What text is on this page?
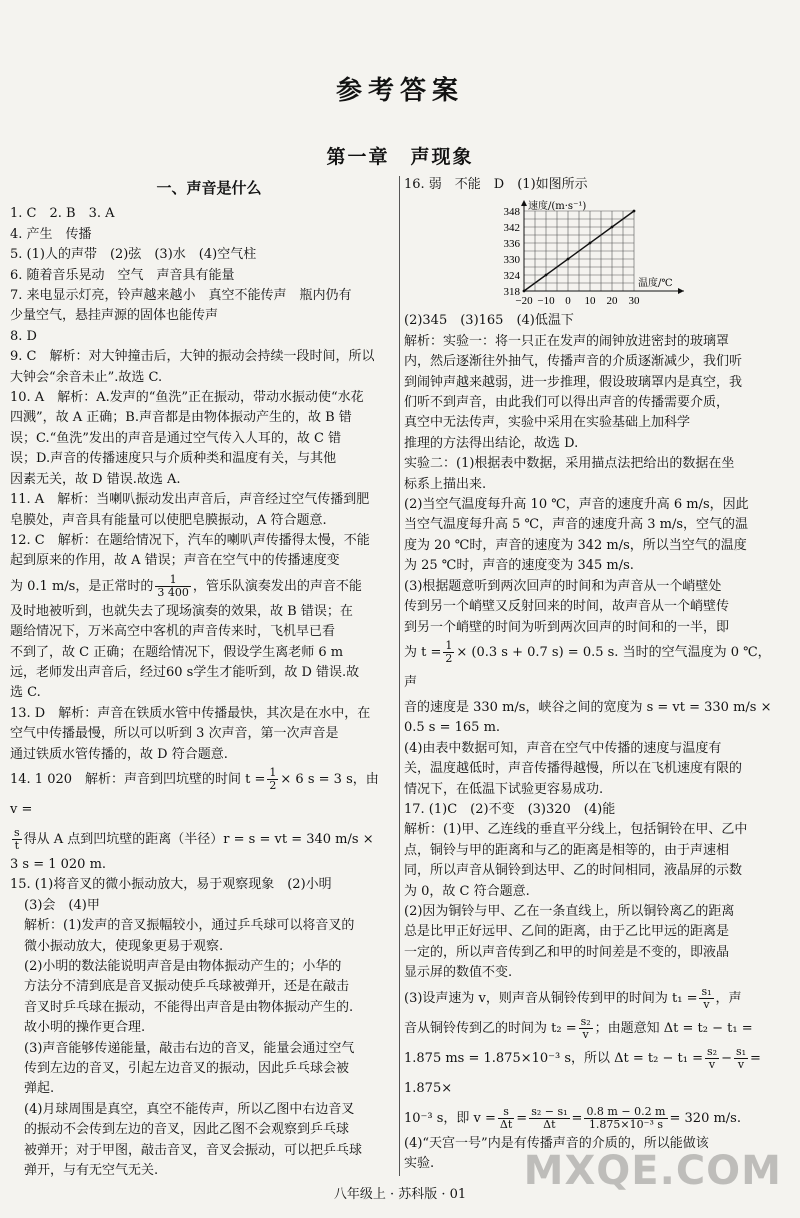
参考答案
第一章　声现象
一、声音是什么

1. C　2. B　3. A

4. 产生　传播

5. (1)人的声带　(2)弦　(3)水　(4)空气柱

6. 随着音乐晃动　空气　声音具有能量

7. 来电显示灯亮，铃声越来越小　真空不能传声　瓶内仍有

少量空气，悬挂声源的固体也能传声

8. D

9. C　解析：对大钟撞击后，大钟的振动会持续一段时间，所以

大钟会“余音未止”.故选 C.

10. A　解析：A.发声的“鱼洗”正在振动，带动水振动使“水花

四溅”，故 A 正确；B.声音都是由物体振动产生的，故 B 错

误；C.“鱼洗”发出的声音是通过空气传入人耳的，故 C 错

误；D.声音的传播速度只与介质种类和温度有关，与其他

因素无关，故 D 错误.故选 A.

11. A　解析：当喇叭振动发出声音后，声音经过空气传播到肥

皂膜处，声音具有能量可以使肥皂膜振动，A 符合题意.

12. C　解析：在题给情况下，汽车的喇叭声传播得太慢，不能

起到原来的作用，故 A 错误；声音在空气中的传播速度变

为 0.1 m/s，是正常时的 $\frac{1}{3 400}$ ，管乐队演奏发出的声音不能

及时地被听到，也就失去了现场演奏的效果，故 B 错误；在

题给情况下，万米高空中客机的声音传来时，飞机早已看

不到了，故 C 正确；在题给情况下，假设学生离老师 6 m

远，老师发出声音后，经过60 s学生才能听到，故 D 错误.故

选 C.

13. D　解析：声音在铁质水管中传播最快，其次是在水中，在

空气中传播最慢，所以可以听到 3 次声音，第一次声音是

通过铁质水管传播的，故 D 符合题意.

14. 1 020　解析：声音到凹坑壁的时间 $t = \frac{1}{2} \times 6$ s = 3 s，由 v =

$\frac{s}{t}$ 得从 A 点到凹坑壁的距离（半径）r = s = vt = 340 m/s ×

3 s = 1 020 m.

15. (1)将音叉的微小振动放大，易于观察现象　(2)小明

(3)会　(4)甲

解析：(1)发声的音叉振幅较小，通过乒乓球可以将音叉的

微小振动放大，使现象更易于观察.

(2)小明的数法能说明声音是由物体振动产生的；小华的

方法分不清到底是音叉振动使乒乓球被弹开，还是在敲击

音叉时乒乓球在振动，不能得出声音是由物体振动产生的.

故小明的操作更合理.

(3)声音能够传递能量，敲击右边的音叉，能量会通过空气

传到左边的音叉，引起左边音叉的振动，因此乒乓球会被

弹起.

(4)月球周围是真空，真空不能传声，所以乙图中右边音叉

的振动不会传到左边的音叉，因此乙图不会观察到乒乓球

被弹开；对于甲图，敲击音叉，音叉会振动，可以把乒乓球

弹开，与有无空气无关.

16. 弱　不能　D　(1)如图所示

318
324
330
336
342
348
−20 −10 0 10 20 30
速度/(m·s⁻¹)
温度/℃

(2)345　(3)165　(4)低温下

解析：实验一：将一只正在发声的闹钟放进密封的玻璃罩

内，然后逐渐往外抽气，传播声音的介质逐渐减少，我们听

到闹钟声越来越弱，进一步推理，假设玻璃罩内是真空，我

们听不到声音，由此我们可以得出声音的传播需要介质，

真空中无法传声，实验中采用在实验基础上加科学

推理的方法得出结论，故选 D.

实验二：(1)根据表中数据，采用描点法把给出的数据在坐

标系上描出来.

(2)当空气温度每升高 10 ℃，声音的速度升高 6 m/s，因此

当空气温度每升高 5 ℃，声音的速度升高 3 m/s，空气的温

度为 20 ℃时，声音的速度为 342 m/s，所以当空气的温度

为 25 ℃时，声音的速度变为 345 m/s.

(3)根据题意听到两次回声的时间和为声音从一个峭壁处

传到另一个峭壁又反射回来的时间，故声音从一个峭壁传

到另一个峭壁的时间为听到两次回声的时间和的一半，即

为 $t = \frac{1}{2} \times (0.3$ s + 0.7 s) = 0.5 s. 当时的空气温度为 0 ℃，声

音的速度是 330 m/s，峡谷之间的宽度为 s = vt = 330 m/s ×

0.5 s = 165 m.

(4)由表中数据可知，声音在空气中传播的速度与温度有

关，温度越低时，声音传播得越慢，所以在飞机速度有限的

情况下，在低温下试验更容易成功.

17. (1)C　(2)不变　(3)320　(4)能

解析：(1)甲、乙连线的垂直平分线上，包括铜铃在甲、乙中

点，铜铃与甲的距离和与乙的距离是相等的，由于声速相

同，所以声音从铜铃到达甲、乙的时间相同，液晶屏的示数

为 0，故 C 符合题意.

(2)因为铜铃与甲、乙在一条直线上，所以铜铃离乙的距离

总是比甲正好远甲、乙间的距离，由于乙比甲远的距离是

一定的，所以声音传到乙和甲的时间差是不变的，即液晶

显示屏的数值不变.

(3)设声速为 v，则声音从铜铃传到甲的时间为 $t_1 = \frac{\text{s₁}}{v}$ ，声

音从铜铃传到乙的时间为 $t_2 = \frac{\text{s₂}}{v}$ ；由题意知 Δt = t₂ − t₁ =

1.875 ms = 1.875×10⁻³ s，所以 $\Delta t = t_2 - t_1 = \frac{\text{s₂}}{v} - \frac{\text{s₁}}{v} = 1.875\times$

10⁻³ s，即 $v = \frac{s}{\Delta t} = \frac{\text{s₂ − s₁}}{\Delta t} = \frac{0.8 m - 0.2 m}{\text{1.875×10⁻³ s}} = 320$ m/s.

(4)“天宫一号”内是有传播声音的介质的，所以能做该

实验.

八年级上 · 苏科版 · 01
MXQE.COM
